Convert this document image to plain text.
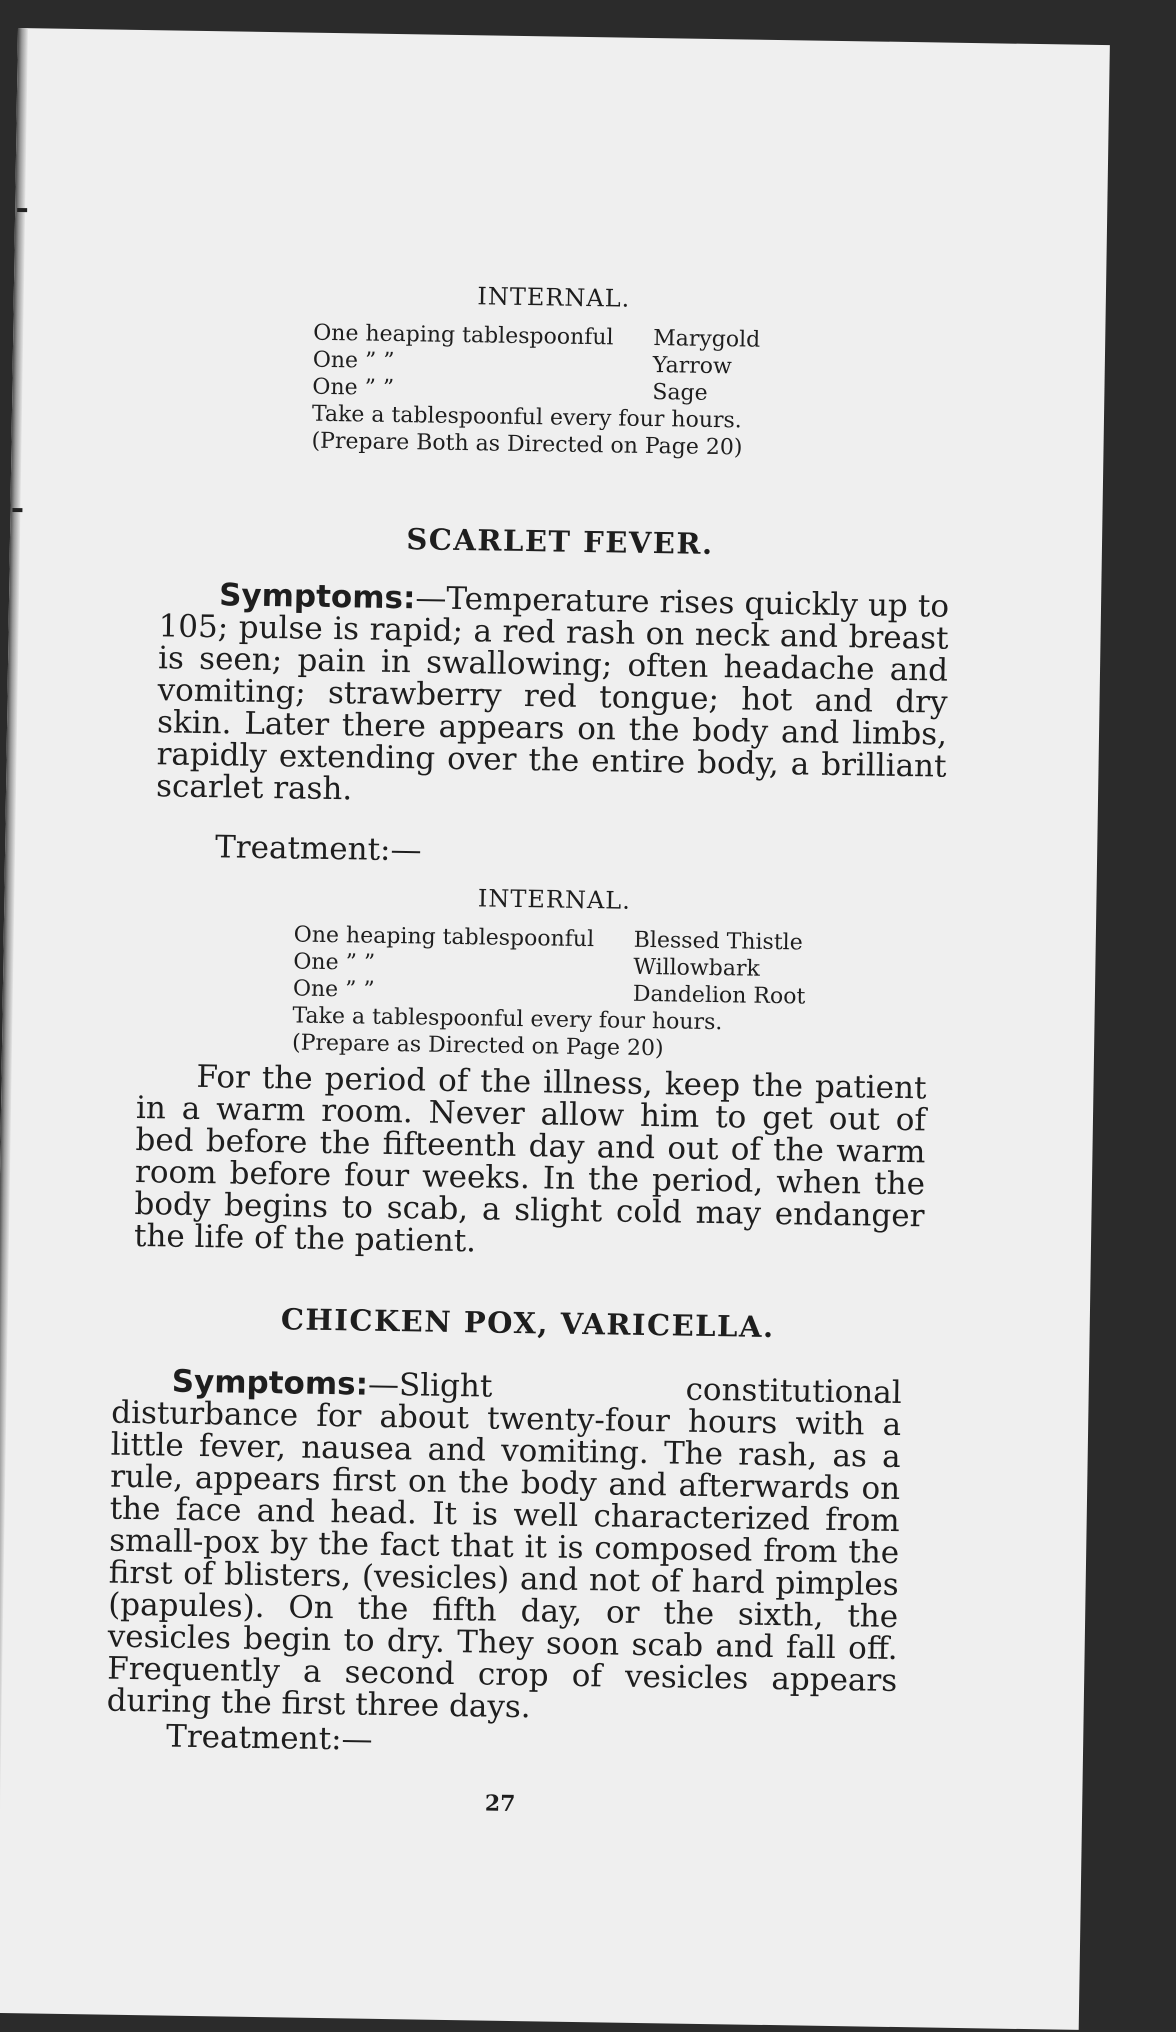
INTERNAL.
One heaping tablespoonful	Marygold
One ” ”	Yarrow
One ” ”	Sage
Take a tablespoonful every four hours.
(Prepare Both as Directed on Page 20)
SCARLET FEVER.
Symptoms:—Temperature rises quickly up to 105; pulse is rapid; a red rash on neck and breast is seen; pain in swallowing; often headache and vomiting; strawberry red tongue; hot and dry skin. Later there appears on the body and limbs, rapidly extending over the entire body, a brilliant scarlet rash.
Treatment:—
INTERNAL.
One heaping tablespoonful	Blessed Thistle
One ” ”	Willowbark
One ” ”	Dandelion Root
Take a tablespoonful every four hours.
(Prepare as Directed on Page 20)
For the period of the illness, keep the patient in a warm room. Never allow him to get out of bed before the fifteenth day and out of the warm room before four weeks. In the period, when the body begins to scab, a slight cold may endanger the life of the patient.
CHICKEN POX, VARICELLA.
Symptoms:—Slight constitutional disturbance for about twenty-four hours with a little fever, nausea and vomiting. The rash, as a rule, appears first on the body and afterwards on the face and head. It is well characterized from small-pox by the fact that it is composed from the first of blisters, (vesicles) and not of hard pimples (papules). On the fifth day, or the sixth, the vesicles begin to dry. They soon scab and fall off. Frequently a second crop of vesicles appears during the first three days.
Treatment:—
27
